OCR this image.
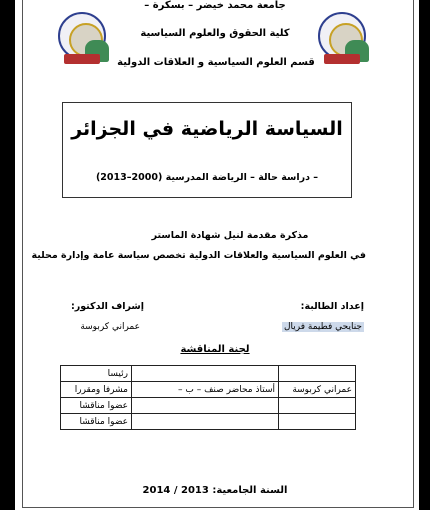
جامعة محمد خيضر – بسكرة –
كلية الحقوق والعلوم السياسية
قسم العلوم السياسية و العلاقات الدولية
السياسة الرياضية في الجزائر
– دراسة حالة – الرياضة المدرسية (2000–2013)
مذكرة مقدمة لنيل شهادة الماستر
في العلوم السياسية والعلاقات الدولية تخصص سياسة عامة وإدارة محلية
إعداد الطالبة:
جنايحي فطيمة فريال
إشراف الدكتور:
عمراني كربوسة
لجنة المناقشة
		رئيسا
عمراني كربوسة	أستاذ محاضر صنف – ب –	مشرفا ومقررا
		عضوا مناقشا
		عضوا مناقشا
السنة الجامعية: 2013 / 2014
